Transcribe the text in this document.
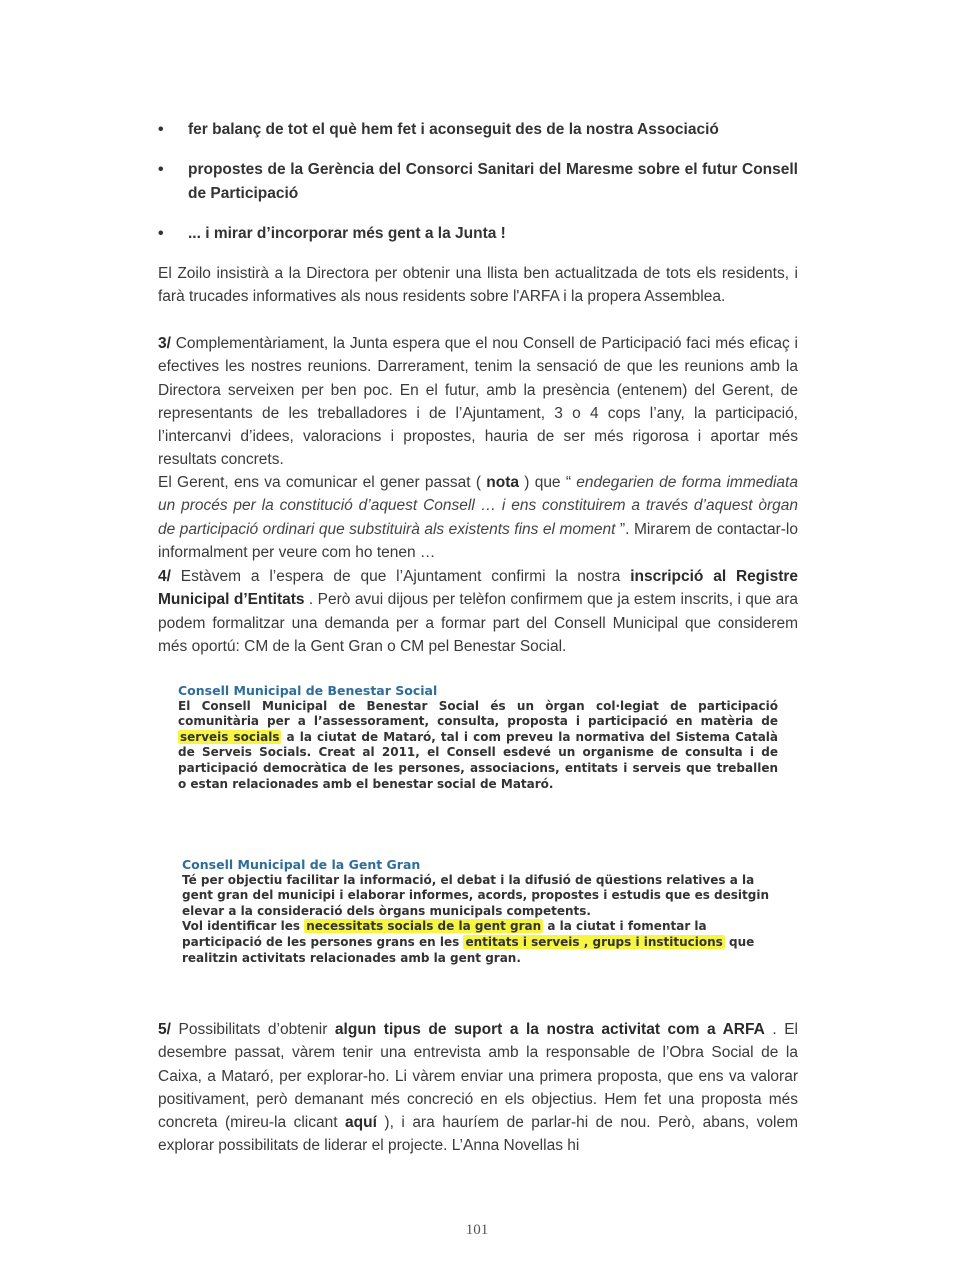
• fer balanç de tot el què hem fet i aconseguit des de la nostra Associació
• propostes de la Gerència del Consorci Sanitari del Maresme sobre el futur Consell de Participació
• ... i mirar d’incorporar més gent a la Junta !
El Zoilo insistirà a la Directora per obtenir una llista ben actualitzada de tots els residents, i farà trucades informatives als nous residents sobre l'ARFA i la propera Assemblea.
3/ Complementàriament, la Junta espera que el nou Consell de Participació faci més eficaç i efectives les nostres reunions. Darrerament, tenim la sensació de que les reunions amb la Directora serveixen per ben poc. En el futur, amb la presència (entenem) del Gerent, de representants de les treballadores i de l’Ajuntament, 3 o 4 cops l’any, la participació, l’intercanvi d’idees, valoracions i propostes, hauria de ser més rigorosa i aportar més resultats concrets.
El Gerent, ens va comunicar el gener passat ( nota ) que “ endegarien de forma immediata un procés per la constitució d’aquest Consell … i ens constituirem a través d’aquest òrgan de participació ordinari que substituirà als existents fins el moment ”. Mirarem de contactar-lo informalment per veure com ho tenen …
4/ Estàvem a l’espera de que l’Ajuntament confirmi la nostra inscripció al Registre Municipal d’Entitats . Però avui dijous per telèfon confirmem que ja estem inscrits, i que ara podem formalitzar una demanda per a formar part del Consell Municipal que considerem més oportú: CM de la Gent Gran o CM pel Benestar Social.
Consell Municipal de Benestar Social
El Consell Municipal de Benestar Social és un òrgan col·legiat de participació comunitària per a l’assessorament, consulta, proposta i participació en matèria de serveis socials a la ciutat de Mataró, tal i com preveu la normativa del Sistema Català de Serveis Socials. Creat al 2011, el Consell esdevé un organisme de consulta i de participació democràtica de les persones, associacions, entitats i serveis que treballen o estan relacionades amb el benestar social de Mataró.
Consell Municipal de la Gent Gran
Té per objectiu facilitar la informació, el debat i la difusió de qüestions relatives a la gent gran del municipi i elaborar informes, acords, propostes i estudis que es desitgin elevar a la consideració dels òrgans municipals competents.
Vol identificar les necessitats socials de la gent gran a la ciutat i fomentar la participació de les persones grans en les entitats i serveis , grups i institucions que realitzin activitats relacionades amb la gent gran.
5/ Possibilitats d’obtenir algun tipus de suport a la nostra activitat com a ARFA . El desembre passat, vàrem tenir una entrevista amb la responsable de l’Obra Social de la Caixa, a Mataró, per explorar-ho. Li vàrem enviar una primera proposta, que ens va valorar positivament, però demanant més concreció en els objectius. Hem fet una proposta més concreta (mireu-la clicant aquí ), i ara hauríem de parlar-hi de nou. Però, abans, volem explorar possibilitats de liderar el projecte. L’Anna Novellas hi
101
